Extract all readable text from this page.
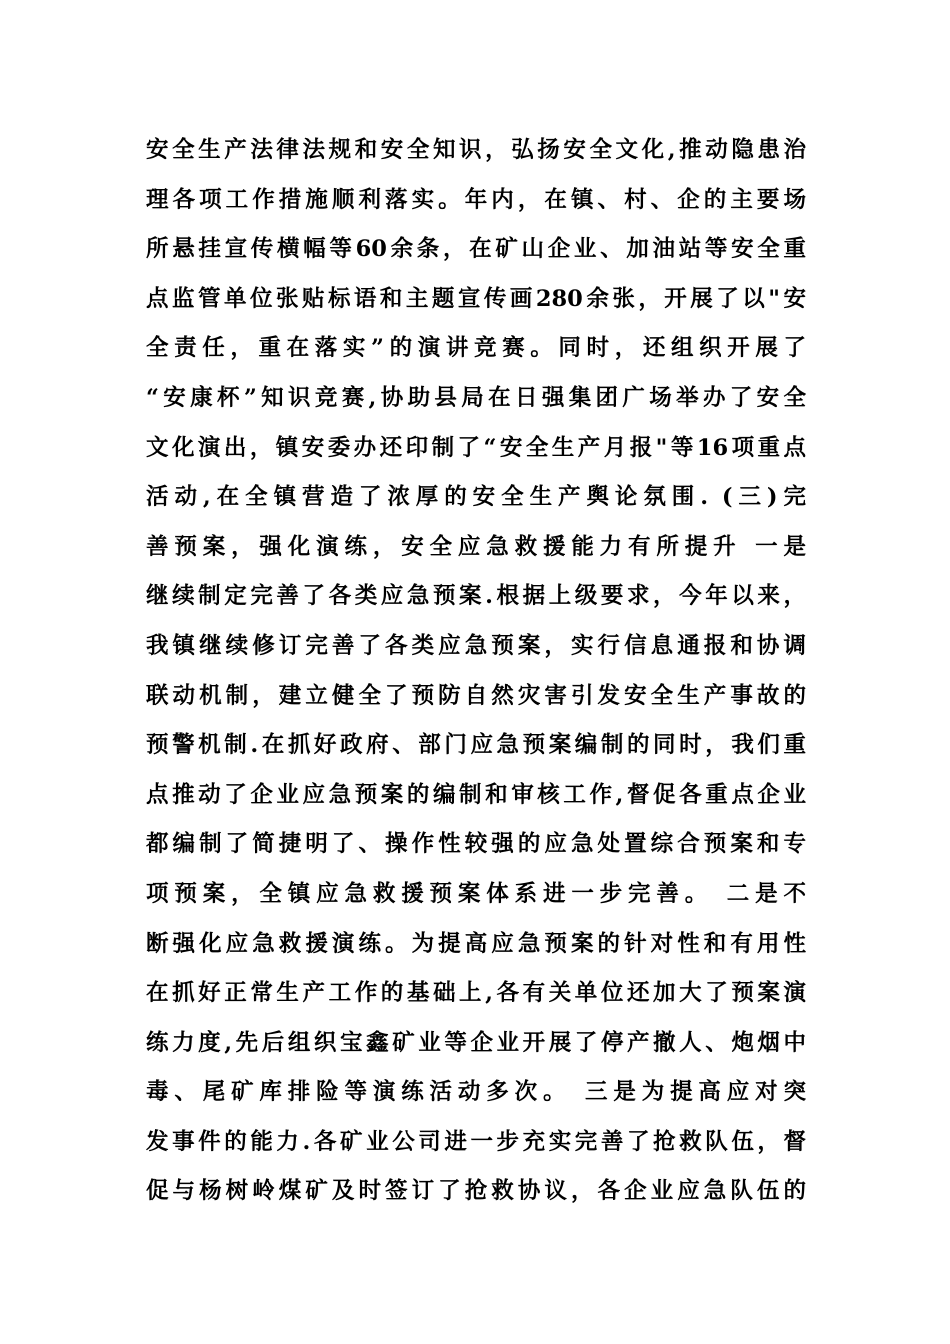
安全生产法律法规和安全知识，弘扬安全文化,推动隐患治
理各项工作措施顺利落实。年内，在镇、村、企的主要场
所悬挂宣传横幅等60余条，在矿山企业、加油站等安全重
点监管单位张贴标语和主题宣传画280余张，开展了以"安
全责任，重在落实”的演讲竞赛。同时，还组织开展了
“安康杯”知识竞赛,协助县局在日强集团广场举办了安全
文化演出，镇安委办还印制了“安全生产月报"等16项重点
活动,在全镇营造了浓厚的安全生产舆论氛围. (三)完
善预案，强化演练，安全应急救援能力有所提升 一是
继续制定完善了各类应急预案.根据上级要求，今年以来，
我镇继续修订完善了各类应急预案，实行信息通报和协调
联动机制，建立健全了预防自然灾害引发安全生产事故的
预警机制.在抓好政府、部门应急预案编制的同时，我们重
点推动了企业应急预案的编制和审核工作,督促各重点企业
都编制了简捷明了、操作性较强的应急处置综合预案和专
项预案，全镇应急救援预案体系进一步完善。 二是不
断强化应急救援演练。为提高应急预案的针对性和有用性
在抓好正常生产工作的基础上,各有关单位还加大了预案演
练力度,先后组织宝鑫矿业等企业开展了停产撤人、炮烟中
毒、尾矿库排险等演练活动多次。 三是为提高应对突
发事件的能力.各矿业公司进一步充实完善了抢救队伍，督
促与杨树岭煤矿及时签订了抢救协议，各企业应急队伍的
